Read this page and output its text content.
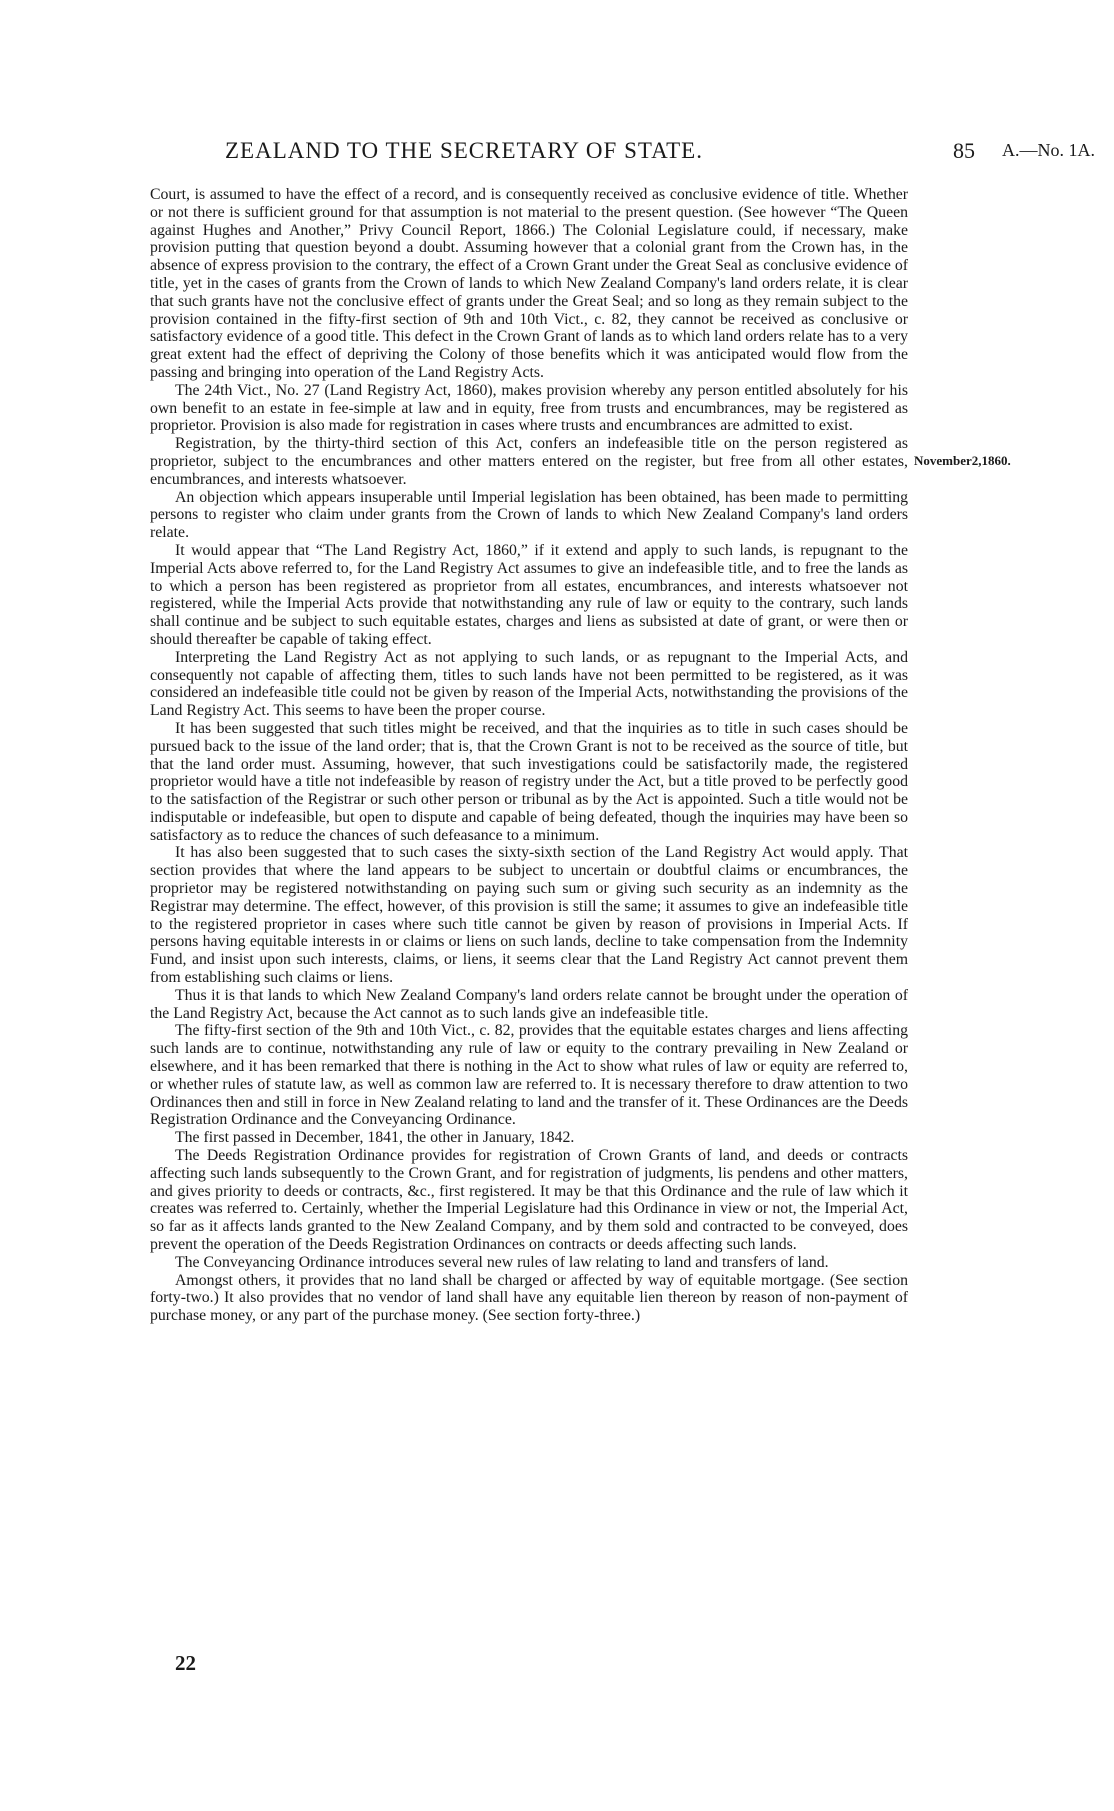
ZEALAND TO THE SECRETARY OF STATE.	85 A.—No. 1A.
November2,1860.

Court, is assumed to have the effect of a record, and is consequently received as conclusive evidence of title. Whether or not there is sufficient ground for that assumption is not material to the present question. (See however “The Queen against Hughes and Another,” Privy Council Report, 1866.) The Colonial Legislature could, if necessary, make provision putting that question beyond a doubt. Assuming however that a colonial grant from the Crown has, in the absence of express provision to the contrary, the effect of a Crown Grant under the Great Seal as conclusive evidence of title, yet in the cases of grants from the Crown of lands to which New Zealand Company's land orders relate, it is clear that such grants have not the conclusive effect of grants under the Great Seal; and so long as they remain subject to the provision contained in the fifty-first section of 9th and 10th Vict., c. 82, they cannot be received as conclusive or satisfactory evidence of a good title. This defect in the Crown Grant of lands as to which land orders relate has to a very great extent had the effect of depriving the Colony of those benefits which it was anticipated would flow from the passing and bringing into operation of the Land Registry Acts.

The 24th Vict., No. 27 (Land Registry Act, 1860), makes provision whereby any person entitled absolutely for his own benefit to an estate in fee-simple at law and in equity, free from trusts and encumbrances, may be registered as proprietor. Provision is also made for registration in cases where trusts and encumbrances are admitted to exist.

Registration, by the thirty-third section of this Act, confers an indefeasible title on the person registered as proprietor, subject to the encumbrances and other matters entered on the register, but free from all other estates, encumbrances, and interests whatsoever.

An objection which appears insuperable until Imperial legislation has been obtained, has been made to permitting persons to register who claim under grants from the Crown of lands to which New Zealand Company's land orders relate.

It would appear that “The Land Registry Act, 1860,” if it extend and apply to such lands, is repugnant to the Imperial Acts above referred to, for the Land Registry Act assumes to give an indefeasible title, and to free the lands as to which a person has been registered as proprietor from all estates, encumbrances, and interests whatsoever not registered, while the Imperial Acts provide that notwithstanding any rule of law or equity to the contrary, such lands shall continue and be subject to such equitable estates, charges and liens as subsisted at date of grant, or were then or should thereafter be capable of taking effect.

Interpreting the Land Registry Act as not applying to such lands, or as repugnant to the Imperial Acts, and consequently not capable of affecting them, titles to such lands have not been permitted to be registered, as it was considered an indefeasible title could not be given by reason of the Imperial Acts, notwithstanding the provisions of the Land Registry Act. This seems to have been the proper course.

It has been suggested that such titles might be received, and that the inquiries as to title in such cases should be pursued back to the issue of the land order; that is, that the Crown Grant is not to be received as the source of title, but that the land order must. Assuming, however, that such investigations could be satisfactorily made, the registered proprietor would have a title not indefeasible by reason of registry under the Act, but a title proved to be perfectly good to the satisfaction of the Registrar or such other person or tribunal as by the Act is appointed. Such a title would not be indisputable or indefeasible, but open to dispute and capable of being defeated, though the inquiries may have been so satisfactory as to reduce the chances of such defeasance to a minimum.

It has also been suggested that to such cases the sixty-sixth section of the Land Registry Act would apply. That section provides that where the land appears to be subject to uncertain or doubtful claims or encumbrances, the proprietor may be registered notwithstanding on paying such sum or giving such security as an indemnity as the Registrar may determine. The effect, however, of this provision is still the same; it assumes to give an indefeasible title to the registered proprietor in cases where such title cannot be given by reason of provisions in Imperial Acts. If persons having equitable interests in or claims or liens on such lands, decline to take compensation from the Indemnity Fund, and insist upon such interests, claims, or liens, it seems clear that the Land Registry Act cannot prevent them from establishing such claims or liens.

Thus it is that lands to which New Zealand Company's land orders relate cannot be brought under the operation of the Land Registry Act, because the Act cannot as to such lands give an indefeasible title.

The fifty-first section of the 9th and 10th Vict., c. 82, provides that the equitable estates charges and liens affecting such lands are to continue, notwithstanding any rule of law or equity to the contrary prevailing in New Zealand or elsewhere, and it has been remarked that there is nothing in the Act to show what rules of law or equity are referred to, or whether rules of statute law, as well as common law are referred to. It is necessary therefore to draw attention to two Ordinances then and still in force in New Zealand relating to land and the transfer of it. These Ordinances are the Deeds Registration Ordinance and the Conveyancing Ordinance.

The first passed in December, 1841, the other in January, 1842.

The Deeds Registration Ordinance provides for registration of Crown Grants of land, and deeds or contracts affecting such lands subsequently to the Crown Grant, and for registration of judgments, lis pendens and other matters, and gives priority to deeds or contracts, &c., first registered. It may be that this Ordinance and the rule of law which it creates was referred to. Certainly, whether the Imperial Legislature had this Ordinance in view or not, the Imperial Act, so far as it affects lands granted to the New Zealand Company, and by them sold and contracted to be conveyed, does prevent the operation of the Deeds Registration Ordinances on contracts or deeds affecting such lands.

The Conveyancing Ordinance introduces several new rules of law relating to land and transfers of land.

Amongst others, it provides that no land shall be charged or affected by way of equitable mortgage. (See section forty-two.) It also provides that no vendor of land shall have any equitable lien thereon by reason of non-payment of purchase money, or any part of the purchase money. (See section forty-three.)

22
